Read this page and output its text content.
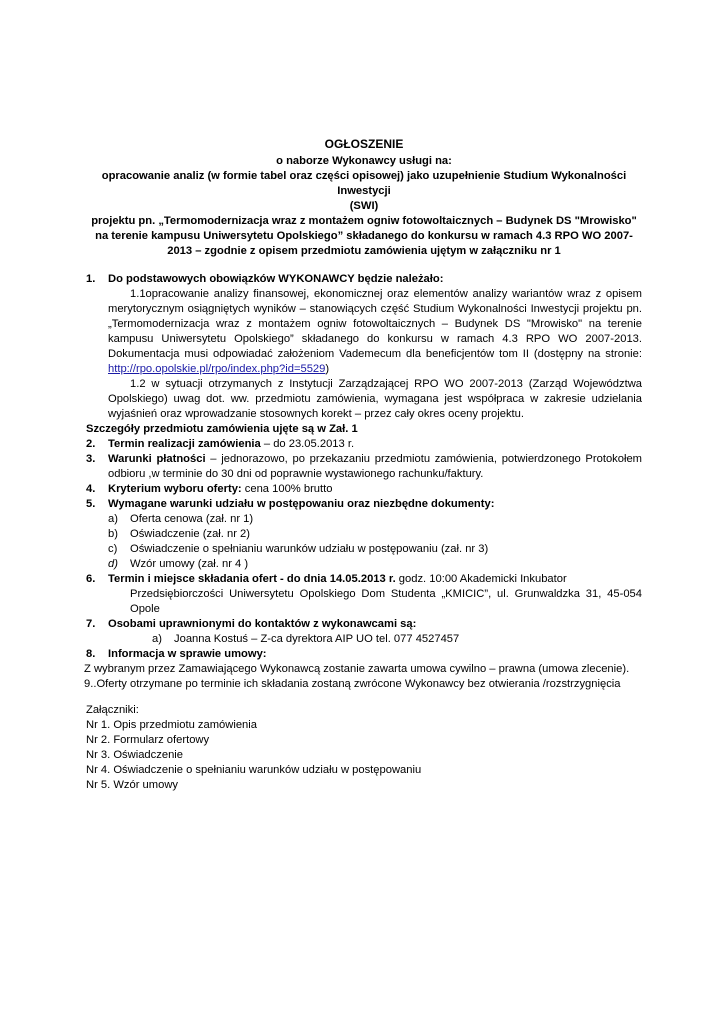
OGŁOSZENIE
o naborze Wykonawcy usługi na:
opracowanie analiz (w formie tabel oraz części opisowej) jako uzupełnienie Studium Wykonalności Inwestycji
(SWI)
projektu pn. „Termomodernizacja wraz z montażem ogniw fotowoltaicznych – Budynek DS "Mrowisko"
na terenie kampusu Uniwersytetu Opolskiego” składanego do konkursu w ramach 4.3 RPO WO 2007-
2013 – zgodnie z opisem przedmiotu zamówienia ujętym w załączniku nr 1
1. Do podstawowych obowiązków WYKONAWCY będzie należało:
1.1opracowanie analizy finansowej, ekonomicznej oraz elementów analizy wariantów wraz z opisem merytorycznym osiągniętych wyników – stanowiących część Studium Wykonalności Inwestycji projektu pn. „Termomodernizacja wraz z montażem ogniw fotowoltaicznych – Budynek DS "Mrowisko" na terenie kampusu Uniwersytetu Opolskiego” składanego do konkursu w ramach 4.3 RPO WO 2007-2013. Dokumentacja musi odpowiadać założeniom Vademecum dla beneficjentów tom II (dostępny na stronie: http://rpo.opolskie.pl/rpo/index.php?id=5529)
1.2 w sytuacji otrzymanych z Instytucji Zarządzającej RPO WO 2007-2013 (Zarząd Województwa Opolskiego) uwag dot. ww. przedmiotu zamówienia, wymagana jest współpraca w zakresie udzielania wyjaśnień oraz wprowadzanie stosownych korekt – przez cały okres oceny projektu.
Szczegóły przedmiotu zamówienia ujęte są w Zał. 1
2. Termin realizacji zamówienia – do 23.05.2013 r.
3. Warunki płatności – jednorazowo, po przekazaniu przedmiotu zamówienia, potwierdzonego Protokołem odbioru ,w terminie do 30 dni od poprawnie wystawionego rachunku/faktury.
4. Kryterium wyboru oferty: cena 100% brutto
5. Wymagane warunki udziału w postępowaniu oraz niezbędne dokumenty:
a) Oferta cenowa (zał. nr 1)
b) Oświadczenie (zał. nr 2)
c) Oświadczenie o spełnianiu warunków udziału w postępowaniu (zał. nr 3)
d) Wzór umowy (zał. nr 4 )
6. Termin i miejsce składania ofert - do dnia 14.05.2013 r. godz. 10:00 Akademicki Inkubator
Przedsiębiorczości Uniwersytetu Opolskiego Dom Studenta „KMICIC”, ul. Grunwaldzka 31, 45-054 Opole
7. Osobami uprawnionymi do kontaktów z wykonawcami są:
a) Joanna Kostuś – Z-ca dyrektora AIP UO tel. 077 4527457
8. Informacja w sprawie umowy:
Z wybranym przez Zamawiającego Wykonawcą zostanie zawarta umowa cywilno – prawna (umowa zlecenie).
9..Oferty otrzymane po terminie ich składania zostaną zwrócone Wykonawcy bez otwierania /rozstrzygnięcia
Załączniki:
Nr 1. Opis przedmiotu zamówienia
Nr 2. Formularz ofertowy
Nr 3. Oświadczenie
Nr 4. Oświadczenie o spełnianiu warunków udziału w postępowaniu
Nr 5. Wzór umowy
